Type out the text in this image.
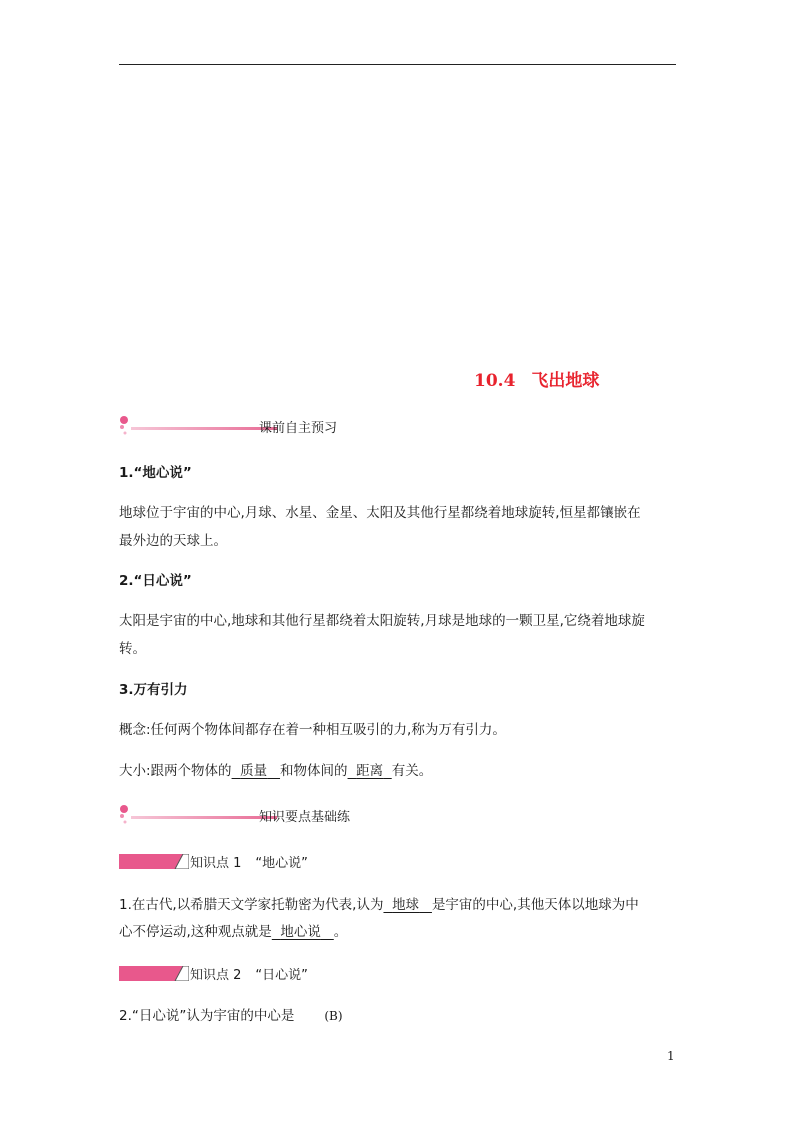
10.4 飞出地球
课前自主预习
1.“地心说”
地球位于宇宙的中心,月球、水星、金星、太阳及其他行星都绕着地球旋转,恒星都镶嵌在
最外边的天球上。
2.“日心说”
太阳是宇宙的中心,地球和其他行星都绕着太阳旋转,月球是地球的一颗卫星,它绕着地球旋
转。
3.万有引力
概念:任何两个物体间都存在着一种相互吸引的力,称为万有引力。
大小:跟两个物体的 质量 和物体间的 距离 有关。
知识要点基础练
知识点 1 “地心说”
1.在古代,以希腊天文学家托勒密为代表,认为 地球 是宇宙的中心,其他天体以地球为中
心不停运动,这种观点就是 地心说 。
知识点 2 “日心说”
2.“日心说”认为宇宙的中心是	(B)
1
